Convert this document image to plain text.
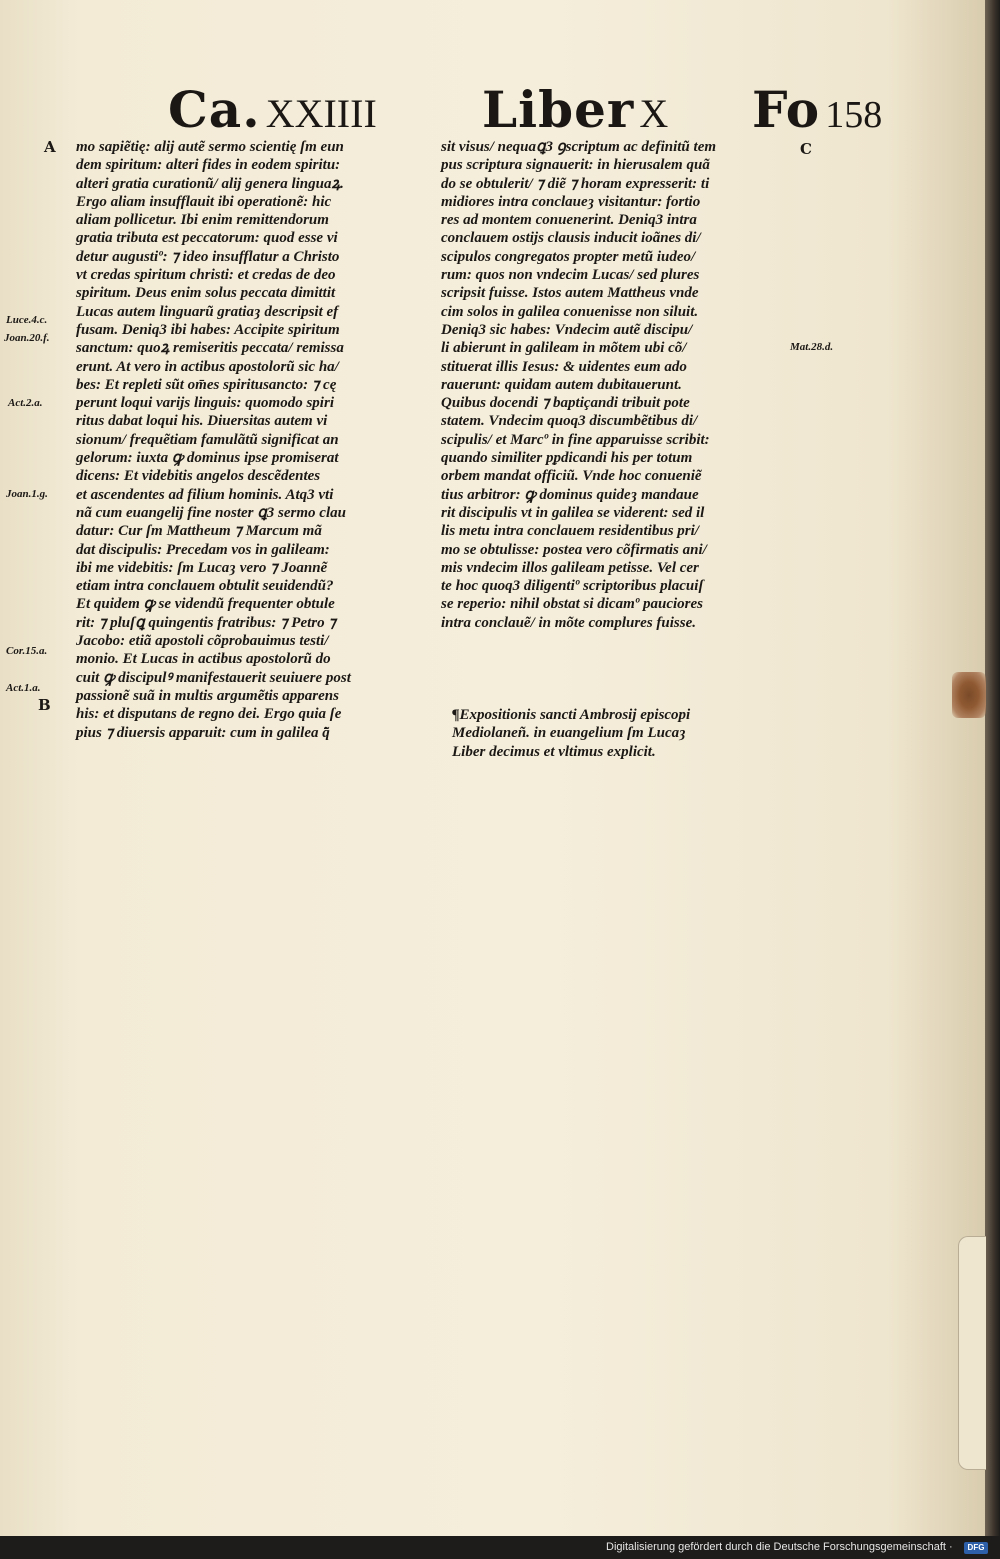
Ca. XXIIII Liber X Fo 158
A
B
C
Luce.4.c.
Joan.20.f.
Act.2.a.
Joan.1.g.
Cor.15.a.
Act.1.a.
Mat.28.d.
mo sapiẽtię: alij autẽ sermo scientię ſm eun
dem spiritum: alteri fides in eodem spiritu:
alteri gratia curationũ/ alij genera linguaꝝ.
Ergo aliam insufflauit ibi operationẽ: hic
aliam pollicetur. Ibi enim remittendorum
gratia tributa est peccatorum: quod esse vi
detur augustiº: ⁊ ideo insufflatur a Christo
vt credas spiritum christi: et credas de deo
spiritum. Deus enim solus peccata dimittit
Lucas autem linguarũ gratiaȝ descripsit ef
fusam. Deniq3 ibi habes: Accipite spiritum
sanctum: quoꝝ remiseritis peccata/ remissa
erunt. At vero in actibus apostolorũ sic ha/
bes: Et repleti sũt om̄es spiritusancto: ⁊ cę
perunt loqui varijs linguis: quomodo spiri
ritus dabat loqui his. Diuersitas autem vi
sionum/ frequẽtiam famulãtũ significat an
gelorum: iuxta ꝙ dominus ipse promiserat
dicens: Et videbitis angelos descẽdentes
et ascendentes ad filium hominis. Atq3 vti
nã cum euangelij fine noster ꝗ3 sermo clau
datur: Cur ſm Mattheum ⁊ Marcum mã
dat discipulis: Precedam vos in galileam:
ibi me videbitis: ſm Lucaȝ vero ⁊ Joannẽ
etiam intra conclauem obtulit seuidendũ?
Et quidem ꝙ se videndũ frequenter obtule
rit: ⁊ pluſꝗ quingentis fratribus: ⁊ Petro ⁊
Jacobo: etiã apostoli cõprobauimus testi/
monio. Et Lucas in actibus apostolorũ do
cuit ꝙ discipulꝰ manifestauerit seuiuere post
passionẽ suã in multis argumẽtis apparens
his: et disputans de regno dei. Ergo quia ſe
pius ⁊ diuersis apparuit: cum in galilea q̃̄
sit visus/ nequaꝗ3 ꝯscriptum ac definitũ tem
pus scriptura signauerit: in hierusalem quã
do se obtulerit/ ⁊ diẽ ⁊ horam expresserit: ti
midiores intra conclaueȝ visitantur: fortio
res ad montem conuenerint. Deniq3 intra
conclauem ostijs clausis inducit ioãnes di/
scipulos congregatos propter metũ iudeo/
rum: quos non vndecim Lucas/ sed plures
scripsit fuisse. Istos autem Mattheus vnde
cim solos in galilea conuenisse non siluit.
Deniq3 sic habes: Vndecim autẽ discipu/
li abierunt in galileam in mõtem ubi cõ/
stituerat illis Iesus: & uidentes eum ado
rauerunt: quidam autem dubitauerunt.
Quibus docendi ⁊ baptiçandi tribuit pote
statem. Vndecim quoq3 discumbẽtibus di/
scipulis/ et Marcº in fine apparuisse scribit:
quando similiter pᵱdicandi his per totum
orbem mandat officiũ. Vnde hoc conueniẽ
tius arbitror: ꝙ dominus quideȝ mandaue
rit discipulis vt in galilea se viderent: sed il
lis metu intra conclauem residentibus pri/
mo se obtulisse: postea vero cõfirmatis ani/
mis vndecim illos galileam petisse. Vel cer
te hoc quoq3 diligentiº scriptoribus placuiſ
se reperio: nihil obstat si dicamº pauciores
intra conclauẽ/ in mõte complures fuisse.
¶Expositionis sancti Ambrosij episcopi
Mediolaneñ. in euangelium ſm Lucaȝ
Liber decimus et vltimus explicit.
Digitalisierung gefördert durch die Deutsche Forschungsgemeinschaft ·	DFG
